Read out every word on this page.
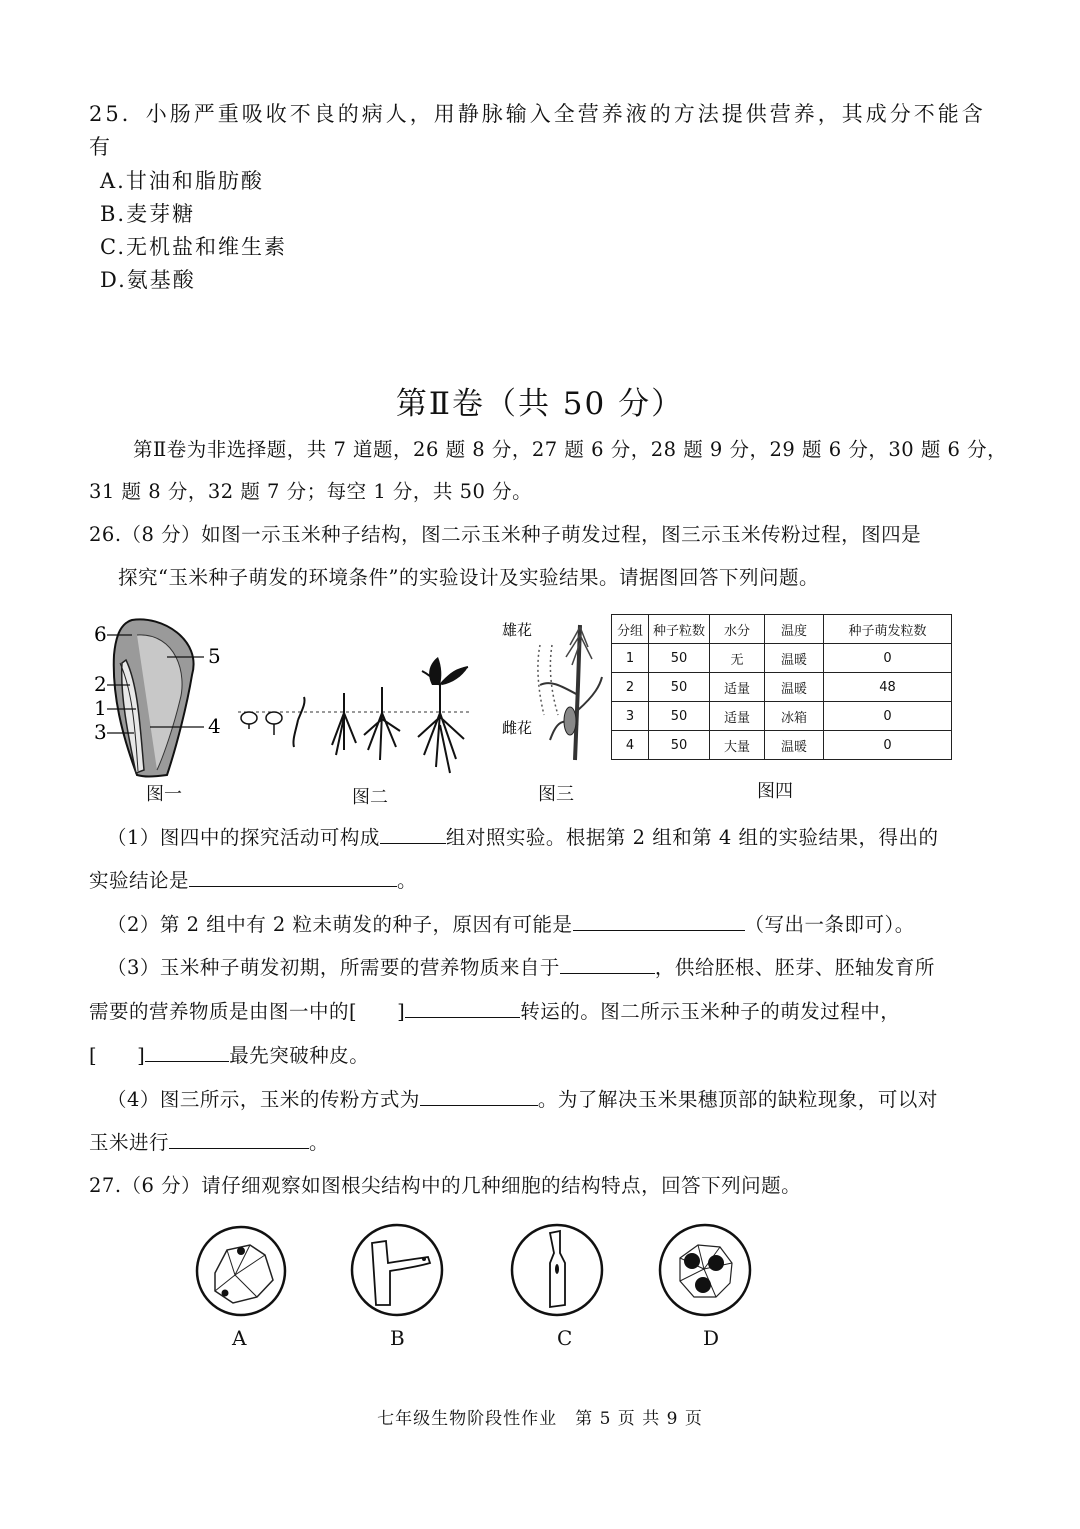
25．小肠严重吸收不良的病人，用静脉输入全营养液的方法提供营养，其成分不能含有
A.甘油和脂肪酸
B.麦芽糖
C.无机盐和维生素
D.氨基酸
第Ⅱ卷（共 50 分）
第Ⅱ卷为非选择题，共 7 道题，26 题 8 分，27 题 6 分，28 题 9 分，29 题 6 分，30 题 6 分，
31 题 8 分，32 题 7 分；每空 1 分，共 50 分。
26.（8 分）如图一示玉米种子结构，图二示玉米种子萌发过程，图三示玉米传粉过程，图四是
探究“玉米种子萌发的环境条件”的实验设计及实验结果。请据图回答下列问题。
6
5
2
1
3	4
图一	图二
雄花
雌花
图三
分组	种子粒数	水分	温度	种子萌发粒数
1	50	无	温暖	0
2	50	适量	温暖	48
3	50	适量	冰箱	0
4	50	大量	温暖	0
图四
（1）图四中的探究活动可构成	组对照实验。根据第 2 组和第 4 组的实验结果，得出的
实验结论是	。
（2）第 2 组中有 2 粒未萌发的种子，原因有可能是	（写出一条即可）。
（3）玉米种子萌发初期，所需要的营养物质来自于	，供给胚根、胚芽、胚轴发育所
需要的营养物质是由图一中的[　　]	转运的。图二所示玉米种子的萌发过程中，
[　　]	最先突破种皮。
（4）图三所示，玉米的传粉方式为	。为了解决玉米果穗顶部的缺粒现象，可以对
玉米进行	。
27.（6 分）请仔细观察如图根尖结构中的几种细胞的结构特点，回答下列问题。
A	B	C	D
七年级生物阶段性作业　第 5 页 共 9 页
